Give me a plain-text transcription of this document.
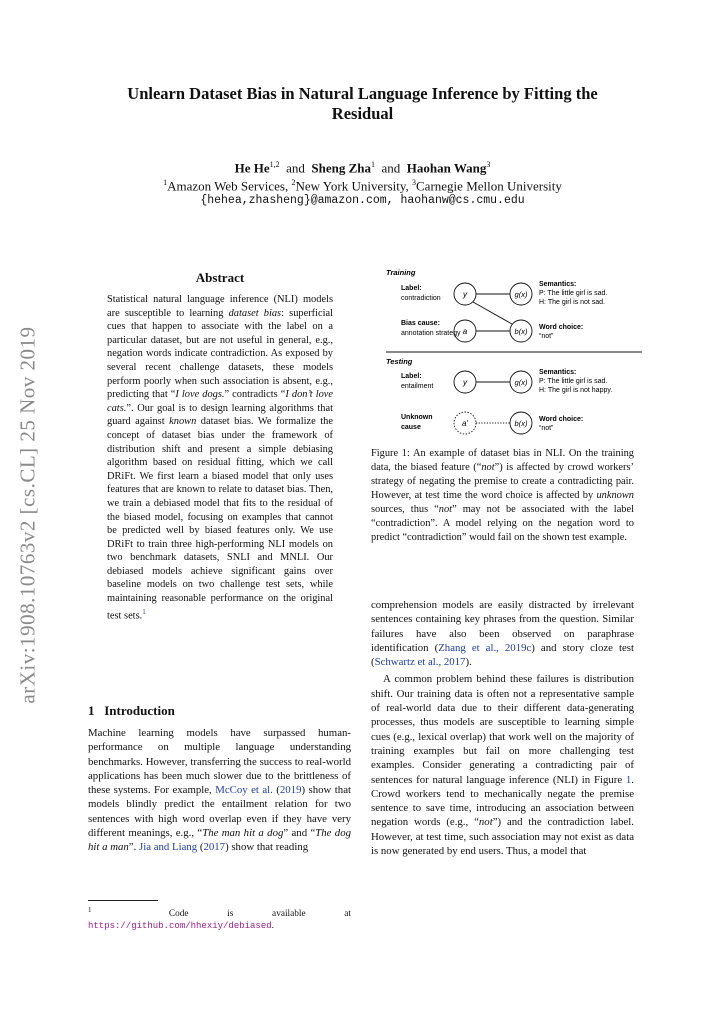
arXiv:1908.10763v2 [cs.CL] 25 Nov 2019
Unlearn Dataset Bias in Natural Language Inference by Fitting the Residual
He He$^{1,2}$ and Sheng Zha$^1$ and Haohan Wang$^3$
$^1$Amazon Web Services, $^2$New York University, $^3$Carnegie Mellon University
{hehea,zhasheng}@amazon.com, haohanw@cs.cmu.edu
Abstract
Statistical natural language inference (NLI) models are susceptible to learning dataset bias: superficial cues that happen to associate with the label on a particular dataset, but are not useful in general, e.g., negation words indicate contradiction. As exposed by several recent challenge datasets, these models perform poorly when such association is absent, e.g., predicting that “I love dogs.” contradicts “I don’t love cats.”. Our goal is to design learning algorithms that guard against known dataset bias. We formalize the concept of dataset bias under the framework of distribution shift and present a simple debiasing algorithm based on residual fitting, which we call DRiFt. We first learn a biased model that only uses features that are known to relate to dataset bias. Then, we train a debiased model that fits to the residual of the biased model, focusing on examples that cannot be predicted well by biased features only. We use DRiFt to train three high-performing NLI models on two benchmark datasets, SNLI and MNLI. Our debiased models achieve significant gains over baseline models on two challenge test sets, while maintaining reasonable performance on the original test sets.$^1$
1 Introduction
Machine learning models have surpassed human-performance on multiple language understanding benchmarks. However, transferring the success to real-world applications has been much slower due to the brittleness of these systems. For example, McCoy et al. (2019) show that models blindly predict the entailment relation for two sentences with high word overlap even if they have very different meanings, e.g., “The man hit a dog” and “The dog hit a man”. Jia and Liang (2017) show that reading
$^1$	Code is available at https://github.com/hhexiy/debiased.
Training
Testing
Label:
contradiction	y	g(x)
Semantics:
P: The little girl is sad.
H: The girl is not sad.
Bias cause:
annotation strategy a	b(x) Word choice:
“not”
Label:
entailment	y	g(x)
Semantics:
P: The little girl is sad.
H: The girl is not happy.
Unknown
cause	a′	b(x) Word choice:
“not”
Figure 1: An example of dataset bias in NLI. On the training data, the biased feature (“not”) is affected by crowd workers’ strategy of negating the premise to create a contradicting pair. However, at test time the word choice is affected by unknown sources, thus “not” may not be associated with the label “contradiction”. A model relying on the negation word to predict “contradiction” would fail on the shown test example.

comprehension models are easily distracted by irrelevant sentences containing key phrases from the question. Similar failures have also been observed on paraphrase identification (Zhang et al., 2019c) and story cloze test (Schwartz et al., 2017).

A common problem behind these failures is distribution shift. Our training data is often not a representative sample of real-world data due to their different data-generating processes, thus models are susceptible to learning simple cues (e.g., lexical overlap) that work well on the majority of training examples but fail on more challenging test examples. Consider generating a contradicting pair of sentences for natural language inference (NLI) in Figure 1. Crowd workers tend to mechanically negate the premise sentence to save time, introducing an association between negation words (e.g., “not”) and the contradiction label. However, at test time, such association may not exist as data is now generated by end users. Thus, a model that
